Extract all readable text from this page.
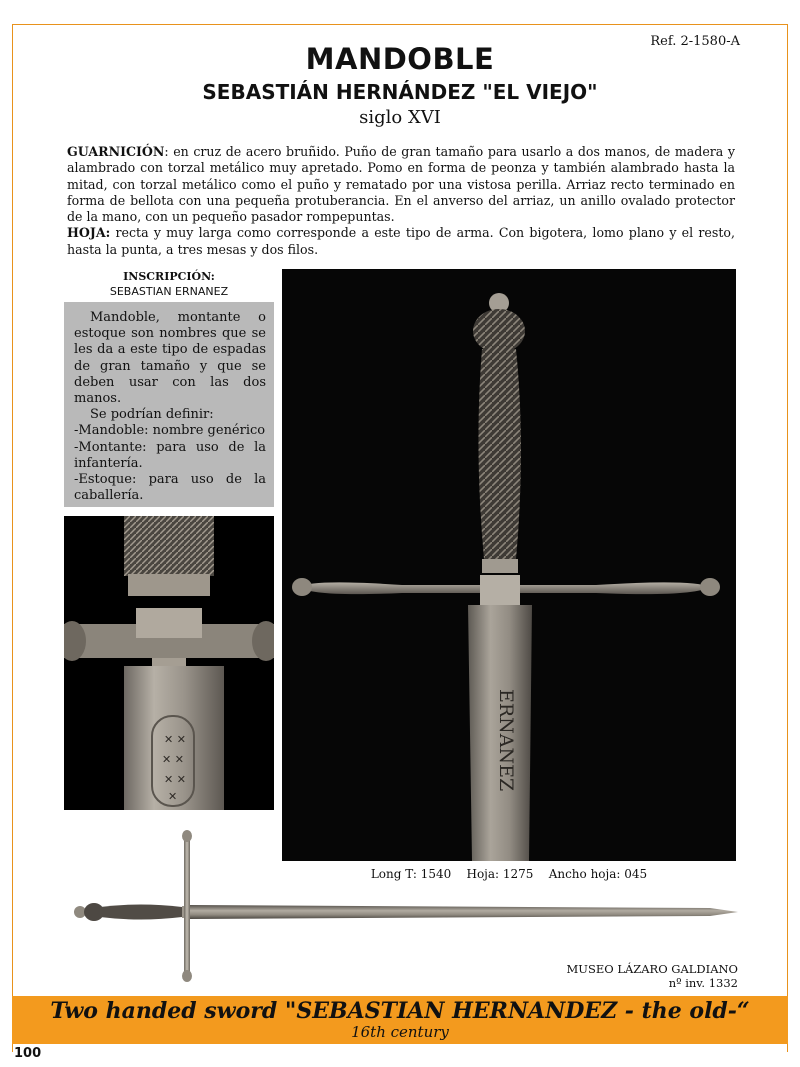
Ref. 2-1580-A
MANDOBLE
SEBASTIÁN HERNÁNDEZ "EL VIEJO"
siglo XVI
GUARNICIÓN: en cruz de acero bruñido. Puño de gran tamaño para usarlo a dos manos, de madera y alambrado con torzal metálico muy apretado. Pomo en forma de peonza y también alambrado hasta la mitad, con torzal metálico como el puño y rematado por una vistosa perilla. Arriaz recto terminado en forma de bellota con una pequeña protuberancia. En el anverso del arriaz, un anillo ovalado protector de la mano, con un pequeño pasador rompepuntas.
HOJA: recta y muy larga como corresponde a este tipo de arma. Con bigotera, lomo plano y el resto, hasta la punta, a tres mesas y dos filos.
INSCRIPCIÓN:
SEBASTIAN ERNANEZ

Mandoble, montante o estoque son nombres que se les da a este tipo de espadas de gran tamaño y que se deben usar con las dos manos.

Se podrían definir:

-Mandoble: nombre genérico

-Montante: para uso de la infantería.

-Estoque: para uso de la caballería.

✕ ✕
✕ ✕
✕ ✕
✕
ERNANEZ
Long T: 1540    Hoja: 1275    Ancho hoja: 045
MUSEO LÁZARO GALDIANO
nº inv. 1332
Two handed sword "SEBASTIAN HERNANDEZ - the old-“
16th century
100
